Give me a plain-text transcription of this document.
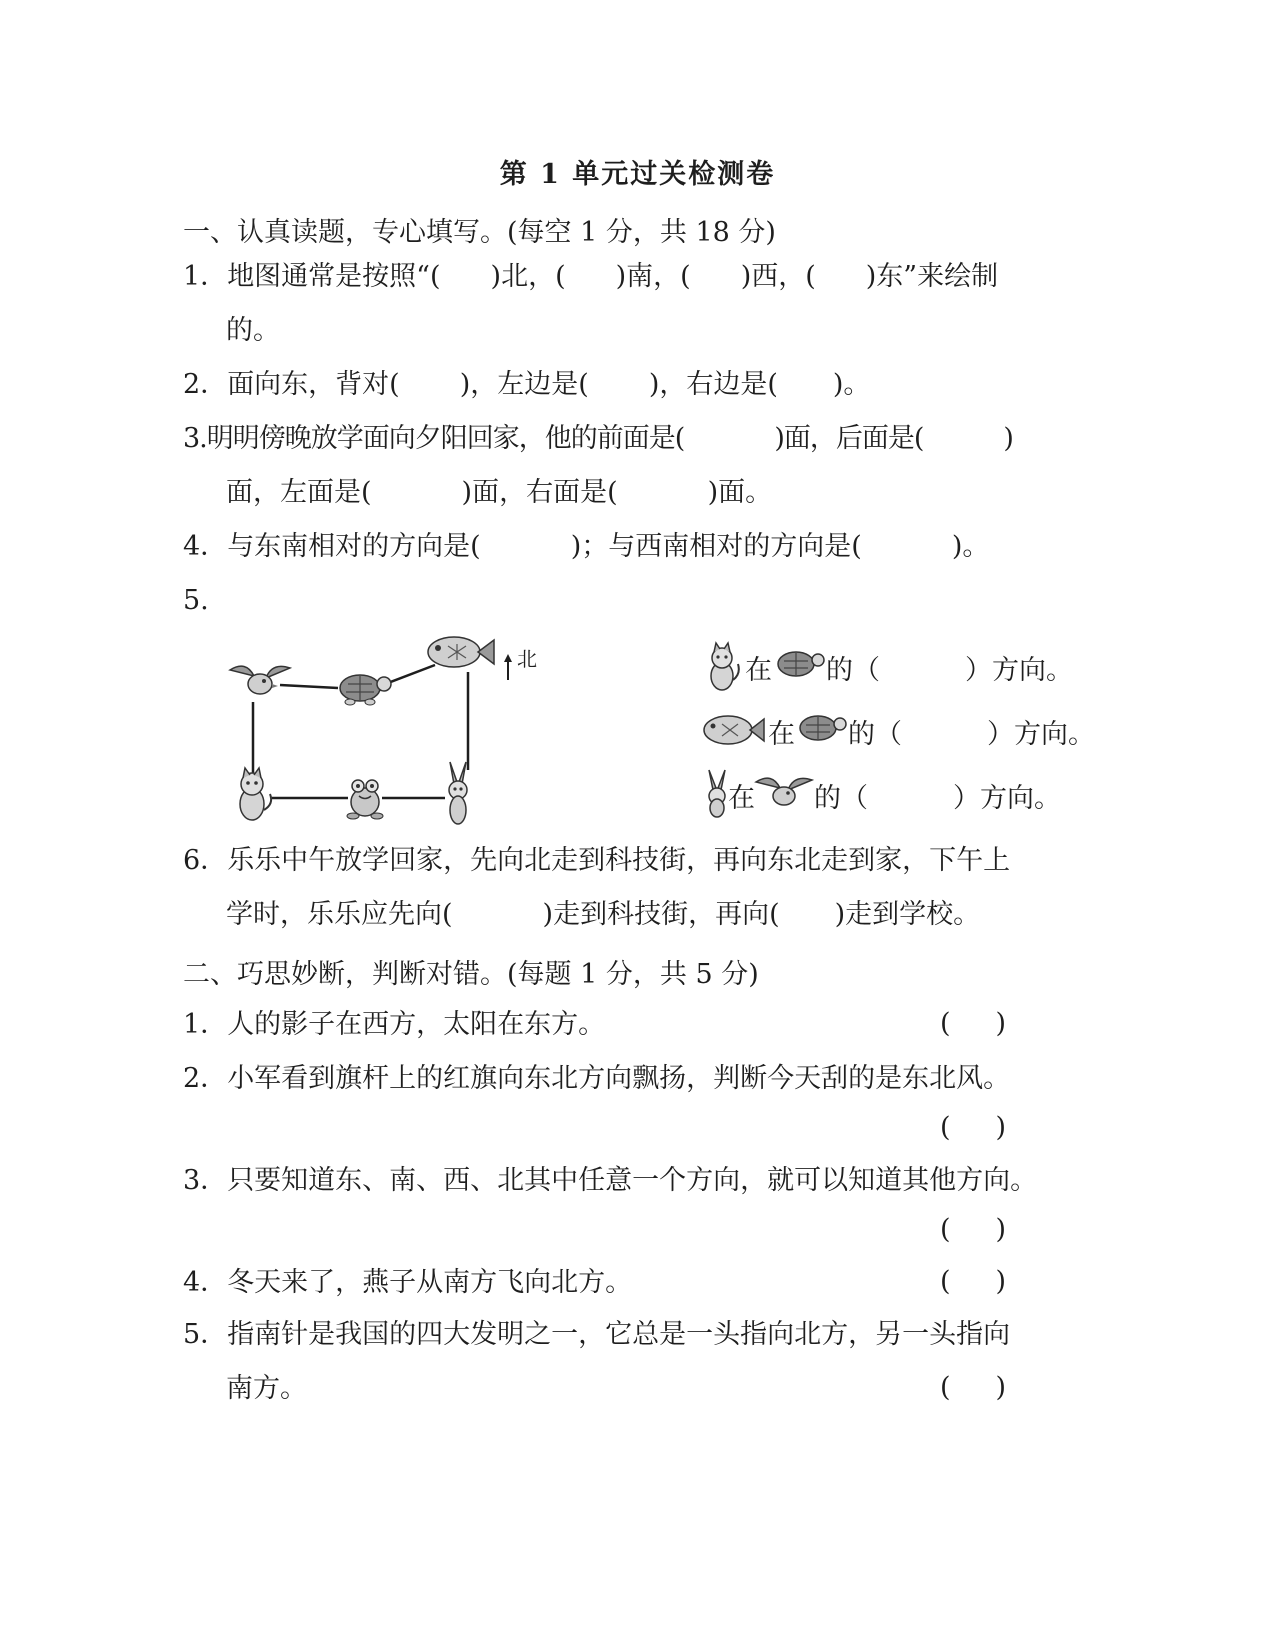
第 1 单元过关检测卷
一、认真读题，专心填写。(每空 1 分，共 18 分)
1．地图通常是按照“( )北，( )南，( )西，( )东”来绘制
的。
2．面向东，背对( )，左边是( )，右边是( )。
3.明明傍晚放学面向夕阳回家，他的前面是(	)面，后面是(	)
面，左面是(	)面，右面是(	)面。
4．与东南相对的方向是(	)；与西南相对的方向是(	)。
5.
北	在 的（	）方向。
在 的（	）方向。
在 的（	）方向。
6．乐乐中午放学回家，先向北走到科技街，再向东北走到家，下午上
学时，乐乐应先向(	)走到科技街，再向( )走到学校。
二、巧思妙断，判断对错。(每题 1 分，共 5 分)
1．人的影子在西方，太阳在东方。	( )
2．小军看到旗杆上的红旗向东北方向飘扬，判断今天刮的是东北风。
( )
3．只要知道东、南、西、北其中任意一个方向，就可以知道其他方向。
( )
4．冬天来了，燕子从南方飞向北方。	( )
5．指南针是我国的四大发明之一，它总是一头指向北方，另一头指向
南方。	( )
